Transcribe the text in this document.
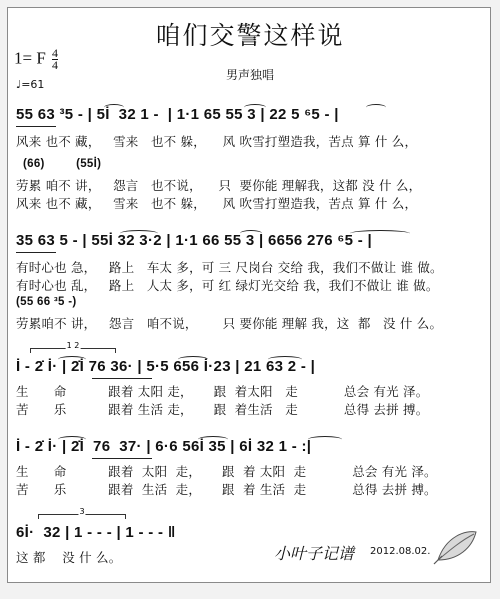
咱们交警这样说
男声独唱
1= F $\frac{4}{4}$
♩=61
55 63 ³5 - | 5İ  32 1 -  | 1·1 65 55 3 | 22 5 ⁶5 - |
风来 也不 藏，   雪来   也不 躲，    风 吹雪打塑造我，苦点 算 什 么，
(66)         (55İ)
劳累 咱不 讲，   怨言   也不说，    只  要你能 理解我，这都 没 什 么，
风来 也不 藏，   雪来   也不 躲，    风 吹雪打塑造我，苦点 算 什 么，
35 63 5 - | 55İ 32 3·2 | 1·1 66 55 3 | 6656 276 ⁶5 - |
有时心也 急，   路上   车太 多，可 三 尺岗台 交给 我，我们不做让 谁 做。
有时心也 乱，   路上   人太 多，可 红 绿灯光交给 我，我们不做让 谁 做。
(55 66 ³5 -)
劳累咱不 讲，   怨言   咱不说，      只 要你能 理解 我，这  都   没 什 么。
1 2
İ - 2̇ İ· | 2̇İ 76 36· | 5·5 656 İ·23 | 21 63 2 - |
生      命          跟着 太阳 走，     跟  着太阳   走           总会 有光 泽。
苦      乐          跟着 生活 走，     跟  着生活   走           总得 去拼 搏。
İ - 2̇ İ· | 2̇İ  76  37· | 6·6 56İ 35 | 6İ 32 1 - :|
生      命          跟着  太阳  走，     跟  着 太阳  走           总会 有光 泽。
苦      乐          跟着  生活  走，     跟  着 生活  走           总得 去拼 搏。
3
6İ·  32 | 1 - - - | 1 - - - ‖
这 都    没 什 么。	小叶子记谱 2012.08.02.
